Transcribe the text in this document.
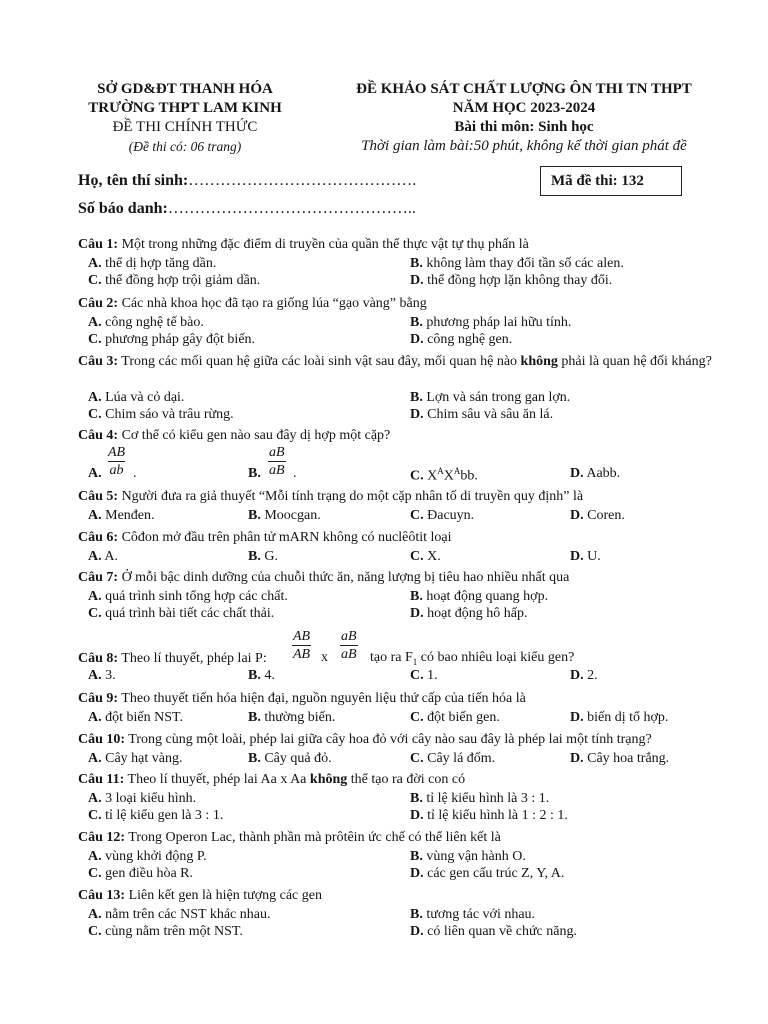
SỞ GD&ĐT THANH HÓA
TRƯỜNG THPT LAM KINH
ĐỀ THI CHÍNH THỨC
(Đề thi có: 06 trang)
ĐỀ KHẢO SÁT CHẤT LƯỢNG ÔN THI TN THPT
NĂM HỌC 2023-2024
Bài thi môn: Sinh học
Thời gian làm bài:50 phút, không kể thời gian phát đề
Họ, tên thí sinh:…………………………………….
Số báo danh:………………………………………..
Mã đề thi: 132
Câu 1: Một trong những đặc điểm di truyền của quần thể thực vật tự thụ phấn là
A. thể dị hợp tăng dần.	B. không làm thay đổi tần số các alen.
C. thể đồng hợp trội giảm dần.	D. thể đồng hợp lặn không thay đổi.
Câu 2: Các nhà khoa học đã tạo ra giống lúa “gạo vàng” bằng
A. công nghệ tế bào.	B. phương pháp lai hữu tính.
C. phương pháp gây đột biến.	D. công nghệ gen.
Câu 3: Trong các mối quan hệ giữa các loài sinh vật sau đây, mối quan hệ nào không phải là quan hệ đối kháng?
A. Lúa và cỏ dại.	B. Lợn và sán trong gan lợn.
C. Chim sáo và trâu rừng.	D. Chim sâu và sâu ăn lá.
Câu 4: Cơ thể có kiểu gen nào sau đây dị hợp một cặp?
A.
AB
ab .	B.
aB
aB .	C. $X^AX^Abb$.	D. Aabb.
Câu 5: Người đưa ra giả thuyết “Mỗi tính trạng do một cặp nhân tố di truyền quy định” là
A. Menđen.	B. Moocgan.	C. Đacuyn.	D. Coren.
Câu 6: Côđon mở đầu trên phân tử mARN không có nuclêôtit loại
A. A.	B. G.	C. X.	D. U.
Câu 7: Ở mỗi bậc dinh dưỡng của chuỗi thức ăn, năng lượng bị tiêu hao nhiều nhất qua
A. quá trình sinh tổng hợp các chất.	B. hoạt động quang hợp.
C. quá trình bài tiết các chất thải.	D. hoạt động hô hấp.
Câu 8: Theo lí thuyết, phép lai P:
AB
AB x
aB
aB tạo ra $F_1$ có bao nhiêu loại kiểu gen?
A. 3.	B. 4.	C. 1.	D. 2.
Câu 9: Theo thuyết tiến hóa hiện đại, nguồn nguyên liệu thứ cấp của tiến hóa là
A. đột biến NST.	B. thường biến.	C. đột biến gen.	D. biến dị tổ hợp.
Câu 10: Trong cùng một loài, phép lai giữa cây hoa đỏ với cây nào sau đây là phép lai một tính trạng?
A. Cây hạt vàng.	B. Cây quả đỏ.	C. Cây lá đốm.	D. Cây hoa trắng.
Câu 11: Theo lí thuyết, phép lai Aa x Aa không thể tạo ra đời con có
A. 3 loại kiểu hình.	B. tỉ lệ kiểu hình là 3 : 1.
C. tỉ lệ kiểu gen là 3 : 1.	D. tỉ lệ kiểu hình là 1 : 2 : 1.
Câu 12: Trong Operon Lac, thành phần mà prôtêin ức chế có thể liên kết là
A. vùng khởi động P.	B. vùng vận hành O.
C. gen điều hòa R.	D. các gen cấu trúc Z, Y, A.
Câu 13: Liên kết gen là hiện tượng các gen
A. nằm trên các NST khác nhau.	B. tương tác với nhau.
C. cùng nằm trên một NST.	D. có liên quan về chức năng.
